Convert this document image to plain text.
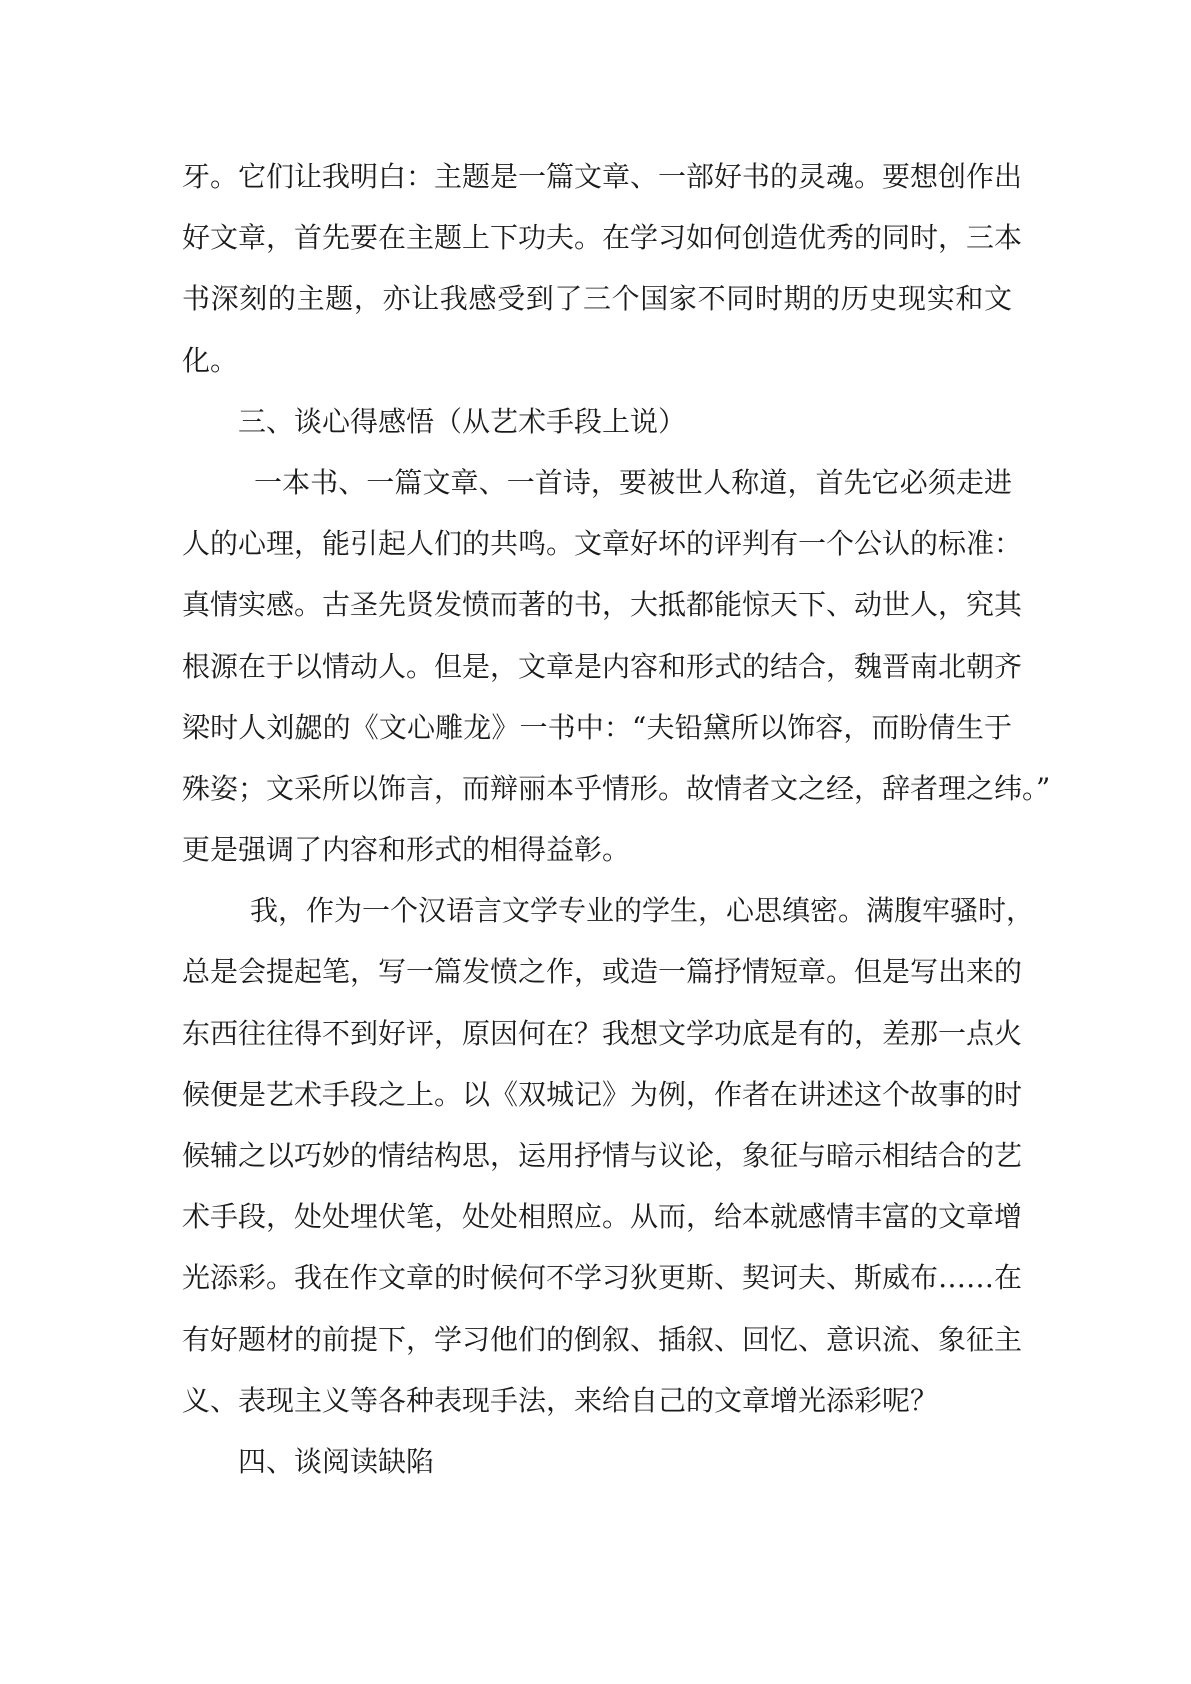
牙。它们让我明白：主题是一篇文章、一部好书的灵魂。要想创作出
好文章，首先要在主题上下功夫。在学习如何创造优秀的同时，三本
书深刻的主题，亦让我感受到了三个国家不同时期的历史现实和文
化。
三、谈心得感悟（从艺术手段上说）
一本书、一篇文章、一首诗，要被世人称道，首先它必须走进
人的心理，能引起人们的共鸣。文章好坏的评判有一个公认的标准：
真情实感。古圣先贤发愤而著的书，大抵都能惊天下、动世人，究其
根源在于以情动人。但是，文章是内容和形式的结合，魏晋南北朝齐
梁时人刘勰的《文心雕龙》一书中：“夫铅黛所以饰容，而盼倩生于
殊姿；文采所以饰言，而辩丽本乎情形。故情者文之经，辞者理之纬。”
更是强调了内容和形式的相得益彰。
我，作为一个汉语言文学专业的学生，心思缜密。满腹牢骚时，
总是会提起笔，写一篇发愤之作，或造一篇抒情短章。但是写出来的
东西往往得不到好评，原因何在？我想文学功底是有的，差那一点火
候便是艺术手段之上。以《双城记》为例，作者在讲述这个故事的时
候辅之以巧妙的情结构思，运用抒情与议论，象征与暗示相结合的艺
术手段，处处埋伏笔，处处相照应。从而，给本就感情丰富的文章增
光添彩。我在作文章的时候何不学习狄更斯、契诃夫、斯威布……在
有好题材的前提下，学习他们的倒叙、插叙、回忆、意识流、象征主
义、表现主义等各种表现手法，来给自己的文章增光添彩呢？
四、谈阅读缺陷
